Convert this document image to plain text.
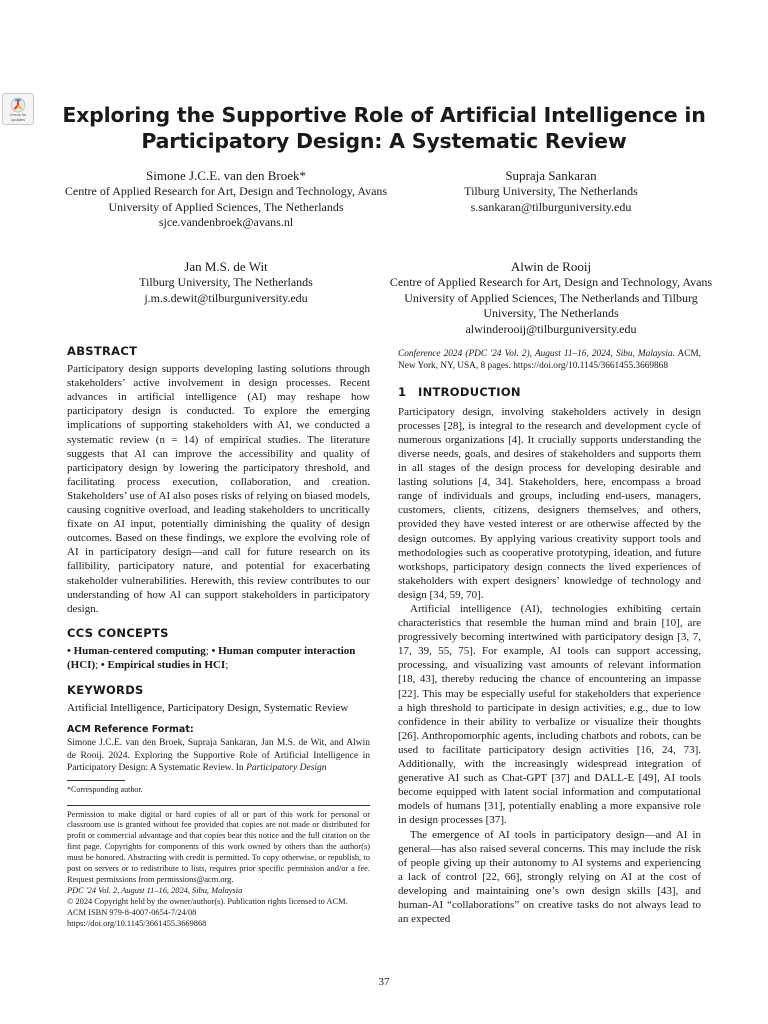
Check for updates	Exploring the Supportive Role of Artificial Intelligence in Participatory Design: A Systematic Review
Simone J.C.E. van den Broek*
Centre of Applied Research for Art, Design and Technology, Avans University of Applied Sciences, The Netherlands
sjce.vandenbroek@avans.nl
Supraja Sankaran
Tilburg University, The Netherlands
s.sankaran@tilburguniversity.edu
Jan M.S. de Wit
Tilburg University, The Netherlands
j.m.s.dewit@tilburguniversity.edu
Alwin de Rooij
Centre of Applied Research for Art, Design and Technology, Avans University of Applied Sciences, The Netherlands and Tilburg University, The Netherlands
alwinderooij@tilburguniversity.edu
ABSTRACT

Participatory design supports developing lasting solutions through stakeholders’ active involvement in design processes. Recent advances in artificial intelligence (AI) may reshape how participatory design is conducted. To explore the emerging implications of supporting stakeholders with AI, we conducted a systematic review (n = 14) of empirical studies. The literature suggests that AI can improve the accessibility and quality of participatory design by lowering the participatory threshold, and facilitating process execution, collaboration, and creation. Stakeholders’ use of AI also poses risks of relying on biased models, causing cognitive overload, and leading stakeholders to uncritically fixate on AI input, potentially diminishing the quality of design outcomes. Based on these findings, we explore the evolving role of AI in participatory design—and call for future research on its fallibility, participatory nature, and potential for exacerbating stakeholder vulnerabilities. Herewith, this review contributes to our understanding of how AI can support stakeholders in participatory design.

CCS CONCEPTS

• Human-centered computing; • Human computer interaction (HCI); • Empirical studies in HCI;

KEYWORDS

Artificial Intelligence, Participatory Design, Systematic Review

ACM Reference Format:

Simone J.C.E. van den Broek, Supraja Sankaran, Jan M.S. de Wit, and Alwin de Rooij. 2024. Exploring the Supportive Role of Artificial Intelligence in Participatory Design: A Systematic Review. In Participatory Design

*Corresponding author.
Permission to make digital or hard copies of all or part of this work for personal or classroom use is granted without fee provided that copies are not made or distributed for profit or commercial advantage and that copies bear this notice and the full citation on the first page. Copyrights for components of this work owned by others than the author(s) must be honored. Abstracting with credit is permitted. To copy otherwise, or republish, to post on servers or to redistribute to lists, requires prior specific permission and/or a fee. Request permissions from permissions@acm.org.
PDC '24 Vol. 2, August 11–16, 2024, Sibu, Malaysia
© 2024 Copyright held by the owner/author(s). Publication rights licensed to ACM.
ACM ISBN 979-8-4007-0654-7/24/08
https://doi.org/10.1145/3661455.3669868

Conference 2024 (PDC '24 Vol. 2), August 11–16, 2024, Sibu, Malaysia. ACM, New York, NY, USA, 8 pages. https://doi.org/10.1145/3661455.3669868

1	INTRODUCTION

Participatory design, involving stakeholders actively in design processes [28], is integral to the research and development cycle of numerous organizations [4]. It crucially supports understanding the diverse needs, goals, and desires of stakeholders and supports them in all stages of the design process for developing desirable and lasting solutions [4, 34]. Stakeholders, here, encompass a broad range of individuals and groups, including end-users, managers, customers, clients, citizens, designers themselves, and others, provided they have vested interest or are otherwise affected by the design outcomes. By applying various creativity support tools and methodologies such as cooperative prototyping, ideation, and future workshops, participatory design connects the lived experiences of stakeholders with expert designers’ knowledge of technology and design [34, 59, 70].

Artificial intelligence (AI), technologies exhibiting certain characteristics that resemble the human mind and brain [10], are progressively becoming intertwined with participatory design [3, 7, 17, 39, 55, 75]. For example, AI tools can support accessing, processing, and visualizing vast amounts of relevant information [18, 43], thereby reducing the chance of encountering an impasse [22]. This may be especially useful for stakeholders that experience a high threshold to participate in design activities, e.g., due to low confidence in their ability to verbalize or visualize their thoughts [26]. Anthropomorphic agents, including chatbots and robots, can be used to facilitate participatory design activities [16, 24, 73]. Additionally, with the increasingly widespread integration of generative AI such as Chat-GPT [37] and DALL-E [49], AI tools become equipped with latent social information and computational models of humans [31], potentially enabling a more expansive role in design processes [37].

The emergence of AI tools in participatory design—and AI in general—has also raised several concerns. This may include the risk of people giving up their autonomy to AI systems and experiencing a lack of control [22, 66], strongly relying on AI at the cost of developing and maintaining one’s own design skills [43], and human-AI “collaborations” on creative tasks do not always lead to an expected

37
